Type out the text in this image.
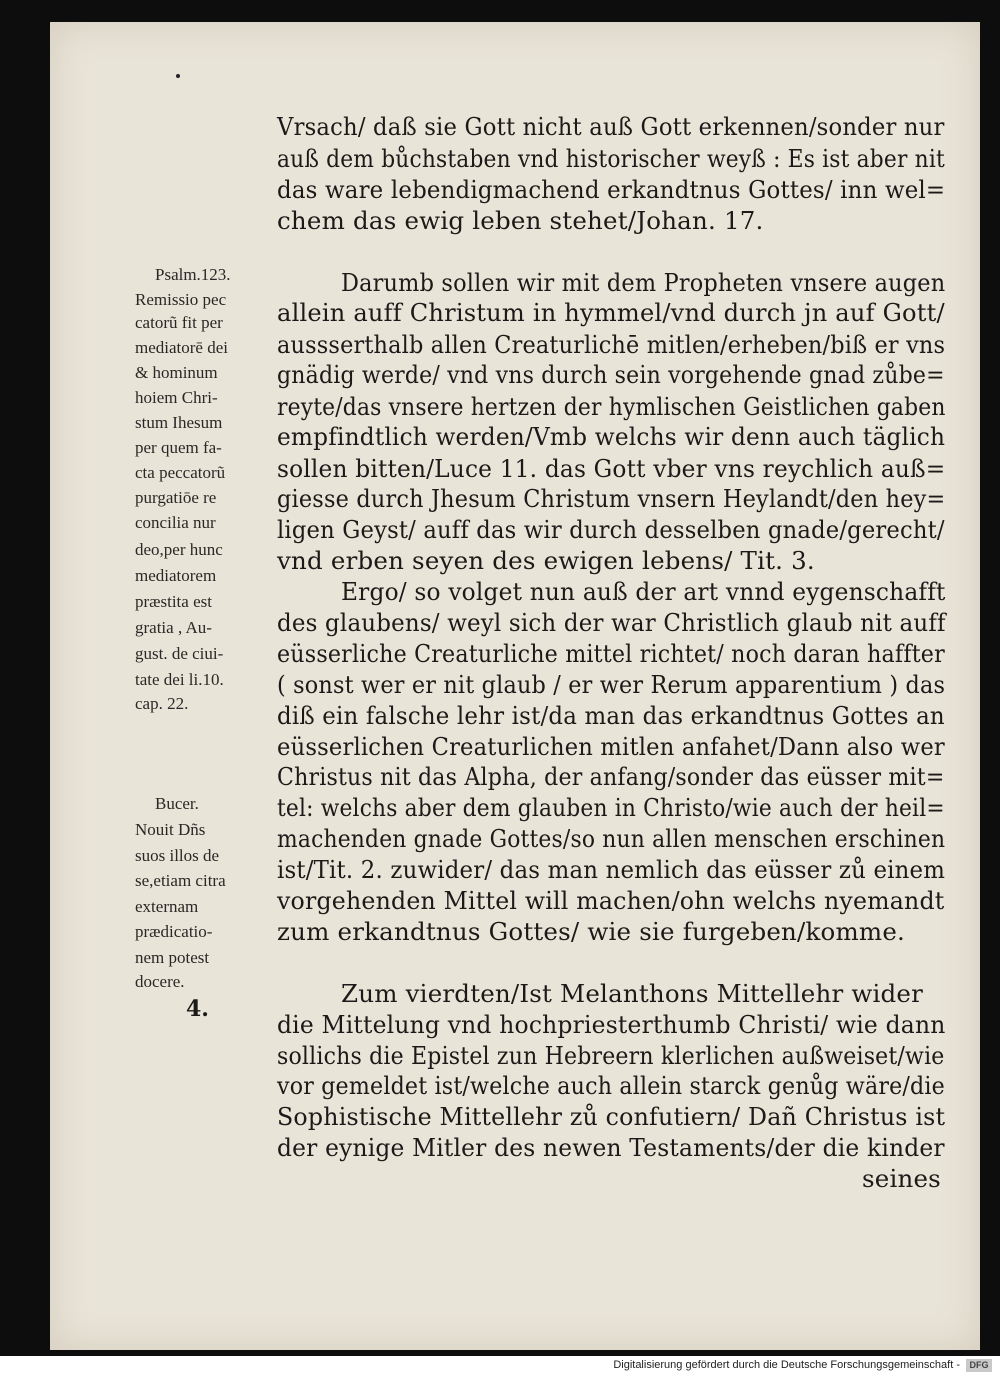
Vrsach/ daß sie Gott nicht auß Gott erkennen/sonder nur
auß dem bůchstaben vnd historischer weyß : Es ist aber nit
das ware lebendigmachend erkandtnus Gottes/ inn wel=
chem das ewig leben stehet/Johan. 17.
Darumb sollen wir mit dem Propheten vnsere augen
allein auff Christum in hymmel/vnd durch jn auf Gott/
aussserthalb allen Creaturlichē mitlen/erheben/biß er vns
gnädig werde/ vnd vns durch sein vorgehende gnad zůbe=
reyte/das vnsere hertzen der hymlischen Geistlichen gaben
empfindtlich werden/Vmb welchs wir denn auch täglich
sollen bitten/Luce 11. das Gott vber vns reychlich auß=
giesse durch Jhesum Christum vnsern Heylandt/den hey=
ligen Geyst/ auff das wir durch desselben gnade/gerecht/
vnd erben seyen des ewigen lebens/ Tit. 3.
Ergo/ so volget nun auß der art vnnd eygenschafft
des glaubens/ weyl sich der war Christlich glaub nit auff
eüsserliche Creaturliche mittel richtet/ noch daran haffter
( sonst wer er nit glaub / er wer Rerum apparentium ) das
diß ein falsche lehr ist/da man das erkandtnus Gottes an
eüsserlichen Creaturlichen mitlen anfahet/Dann also wer
Christus nit das Alpha, der anfang/sonder das eüsser mit=
tel: welchs aber dem glauben in Christo/wie auch der heil=
machenden gnade Gottes/so nun allen menschen erschinen
ist/Tit. 2. zuwider/ das man nemlich das eüsser zů einem
vorgehenden Mittel will machen/ohn welchs nyemandt
zum erkandtnus Gottes/ wie sie furgeben/komme.
Zum vierdten/Ist Melanthons Mittellehr wider
die Mittelung vnd hochpriesterthumb Christi/ wie dann
sollichs die Epistel zun Hebreern klerlichen außweiset/wie
vor gemeldet ist/welche auch allein starck genůg wäre/die
Sophistische Mittellehr zů confutiern/ Dañ Christus ist
der eynige Mitler des newen Testaments/der die kinder
seines
Psalm.123.
Remissio pec
catorũ fit per
mediatorē dei
& hominum
hoiem Chri-
stum Ihesum
per quem fa-
cta peccatorũ
purgatiōe re
concilia nur
deo,per hunc
mediatorem
præstita est
gratia , Au-
gust. de ciui-
tate dei li.10.
cap. 22.
Bucer.
Nouit Dñs
suos illos de
se,etiam citra
externam
prædicatio-
nem potest
docere.
4.
Digitalisierung gefördert durch die Deutsche Forschungsgemeinschaft -	DFG
